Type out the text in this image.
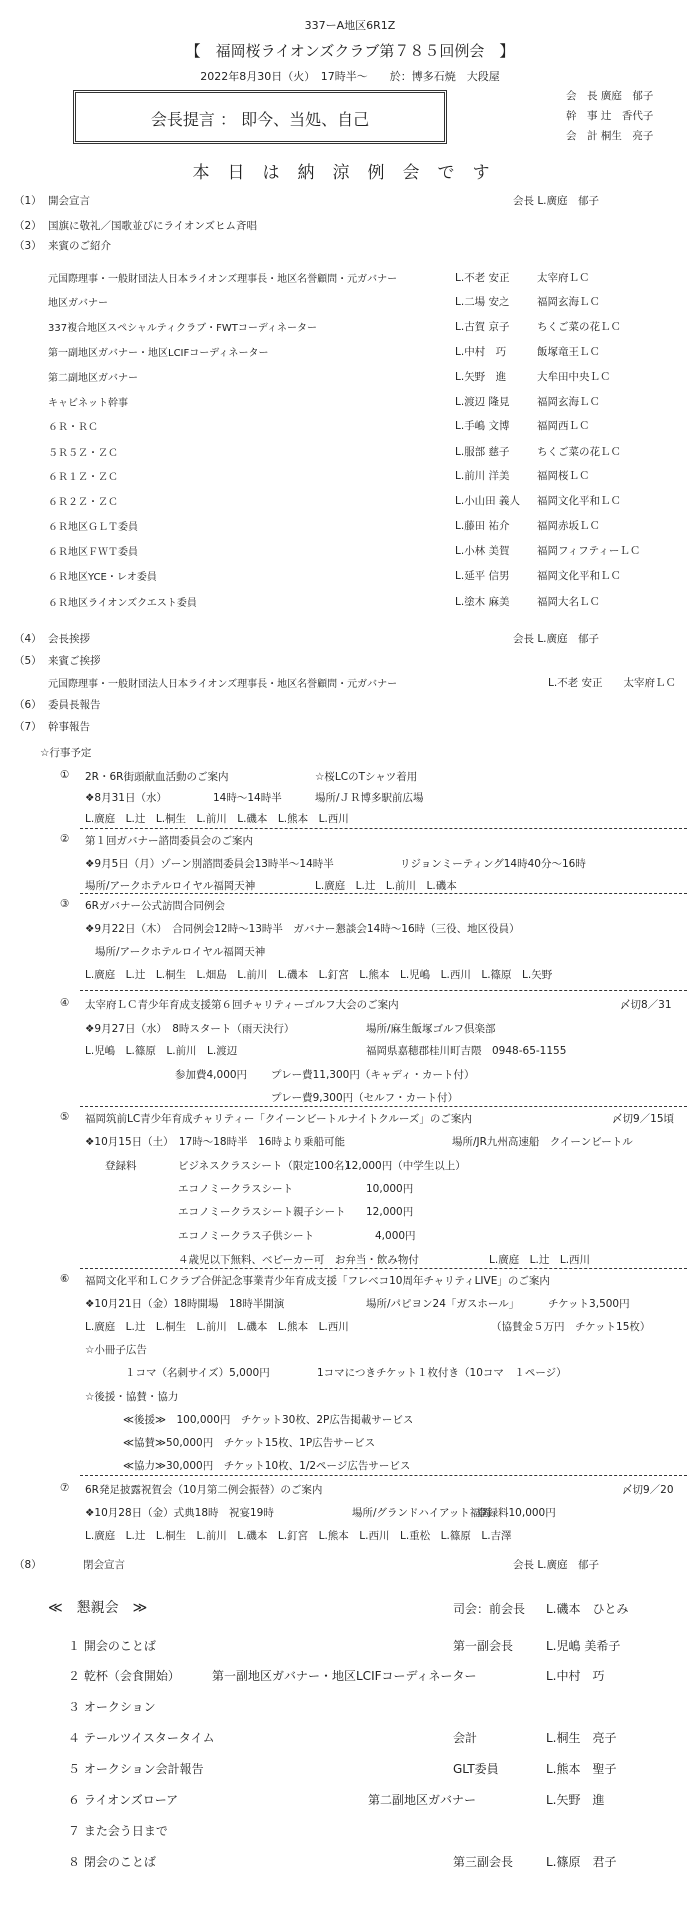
337ーA地区6R1Z
【　福岡桜ライオンズクラブ第７８５回例会　】
2022年8月30日（火）　17時半～　　於：博多石焼　大段屋
会長提言 ： 即今、当処、自己
会　長 廣庭　郁子
幹　事 辻　香代子
会　計 桐生　亮子
本日は納涼例会です
（1） 開会宣言	会長 L.廣庭　郁子
（2） 国旗に敬礼／国歌並びにライオンズヒム斉唱
（3） 来賓のご紹介
元国際理事・一般財団法人日本ライオンズ理事長・地区名誉顧問・元ガバナー	L.不老 安正	太宰府ＬＣ
地区ガバナー	L.二場 安之	福岡玄海ＬＣ
337複合地区スペシャルティクラブ・FWTコーディネーター	L.古賀 京子	ちくご菜の花ＬＣ
第一副地区ガバナー・地区LCIFコーディネーター	L.中村　巧	飯塚竜王ＬＣ
第二副地区ガバナー	L.矢野　進	大牟田中央ＬＣ
キャビネット幹事	L.渡辺 隆見	福岡玄海ＬＣ
６Ｒ・ＲＣ	L.手嶋 文博	福岡西ＬＣ
５Ｒ５Ｚ・ＺＣ	L.服部 慈子	ちくご菜の花ＬＣ
６Ｒ１Ｚ・ＺＣ	L.前川 洋美	福岡桜ＬＣ
６Ｒ２Ｚ・ＺＣ	L.小山田 義人 福岡文化平和ＬＣ
６Ｒ地区ＧＬＴ委員	L.藤田 祐介	福岡赤坂ＬＣ
６Ｒ地区ＦＷＴ委員	L.小林 美賀	福岡フィフティーＬＣ
６Ｒ地区YCE・レオ委員	L.延平 信男	福岡文化平和ＬＣ
６Ｒ地区ライオンズクエスト委員	L.塗木 麻美	福岡大名ＬＣ
（4） 会長挨拶	会長 L.廣庭　郁子
（5） 来賓ご挨拶
元国際理事・一般財団法人日本ライオンズ理事長・地区名誉顧問・元ガバナー	L.不老 安正　　太宰府ＬＣ
（6） 委員長報告
（7） 幹事報告
☆行事予定
① 2R・6R街頭献血活動のご案内	☆桜LCのTシャツ着用
❖8月31日（水）	14時～14時半	場所/ＪＲ博多駅前広場
L.廣庭　L.辻　L.桐生　L.前川　L.磯本　L.熊本　L.西川
② 第１回ガバナー諮問委員会のご案内
❖9月5日（月）ゾーン別諮問委員会13時半～14時半	リジョンミーティング14時40分～16時
場所/アークホテルロイヤル福岡天神	L.廣庭　L.辻　L.前川　L.磯本
③ 6Rガバナー公式訪問合同例会
❖9月22日（木）　合同例会12時～13時半　ガバナー懇談会14時～16時（三役、地区役員）
場所/アークホテルロイヤル福岡天神
L.廣庭　L.辻　L.桐生　L.畑島　L.前川　L.磯本　L.釘宮　L.熊本　L.児嶋　L.西川　L.篠原　L.矢野
④ 太宰府ＬＣ青少年育成支援第６回チャリティーゴルフ大会のご案内	〆切8／31
❖9月27日（水）　8時スタート（雨天決行）	場所/麻生飯塚ゴルフ倶楽部
L.児嶋　L.篠原　L.前川　L.渡辺	福岡県嘉穂郡桂川町吉隈　0948-65-1155
参加費4,000円 プレー費11,300円（キャディ・カート付）
プレー費9,300円（セルフ・カート付）
⑤ 福岡筑前LC青少年育成チャリティー「クイーンビートルナイトクルーズ」のご案内	〆切9／15頃
❖10月15日（土）　17時～18時半　16時より乗船可能	場所/JR九州高速船　クイーンビートル
登録料	ビジネスクラスシート（限定100名）
12,000円（中学生以上）
エコノミークラスシート	10,000円
エコノミークラスシート親子シート 12,000円
エコノミークラス子供シート	4,000円
４歳児以下無料、ベビーカー可　お弁当・飲み物付	L.廣庭　L.辻　L.西川
⑥ 福岡文化平和ＬＣクラブ合併記念事業青少年育成支援「フレベコ10周年チャリティLIVE」のご案内
❖10月21日（金）18時開場　18時半開演	場所/パピヨン24「ガスホール」	チケット3,500円
L.廣庭　L.辻　L.桐生　L.前川　L.磯本　L.熊本　L.西川	（協賛金５万円　チケット15枚）
☆小冊子広告
１コマ（名刺サイズ）5,000円	1コマにつきチケット１枚付き（10コマ　１ページ）
☆後援・協賛・協力
≪後援≫　100,000円　チケット30枚、2P広告掲載サービス
≪協賛≫50,000円　チケット15枚、1P広告サービス
≪協力≫30,000円　チケット10枚、1/2ページ広告サービス
⑦ 6R発足披露祝賀会（10月第二例会振替）のご案内	〆切9／20
❖10月28日（金）式典18時　祝宴19時	場所/グランドハイアット福岡
登録料10,000円
L.廣庭　L.辻　L.桐生　L.前川　L.磯本　L.釘宮　L.熊本　L.西川　L.重松　L.篠原　L.吉澤
（8）	閉会宣言	会長 L.廣庭　郁子
≪　懇親会　≫	司会：前会長 L.磯本　ひとみ
１ 開会のことば	第一副会長	L.児嶋 美希子
２ 乾杯（会食開始）	第一副地区ガバナー・地区LCIFコーディネーター	L.中村　巧
３ オークション
４ テールツイスタータイム	会計	L.桐生　亮子
５ オークション会計報告	GLT委員	L.熊本　聖子
６ ライオンズローア	第二副地区ガバナー	L.矢野　進
７ また会う日まで
８ 閉会のことば	第三副会長	L.篠原　君子
